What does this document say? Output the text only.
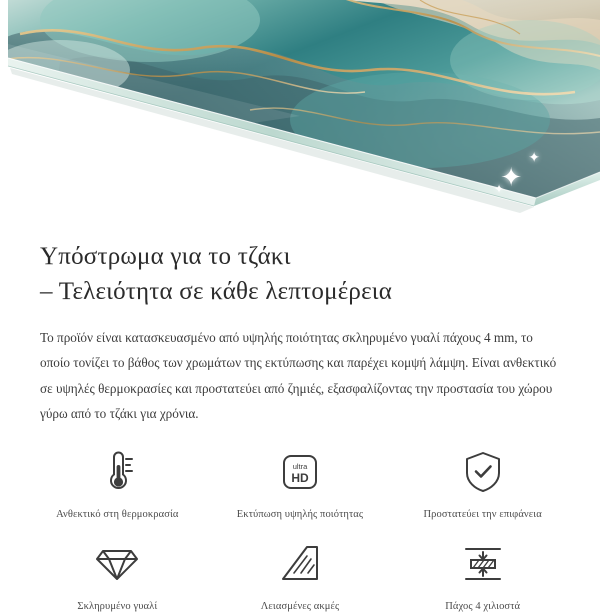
✦
✦
✦
Υπόστρωμα για το τζάκι
– Τελειότητα σε κάθε λεπτομέρεια

Το προϊόν είναι κατασκευασμένο από υψηλής ποιότητας σκληρυμένο γυαλί πάχους 4 mm, το οποίο τονίζει το βάθος των χρωμάτων της εκτύπωσης και παρέχει κομψή λάμψη. Είναι ανθεκτικό σε υψηλές θερμοκρασίες και προστατεύει από ζημιές, εξασφαλίζοντας την προστασία του χώρου γύρω από το τζάκι για χρόνια.

Ανθεκτικό στη θερμοκρασία
ultra
HD
Εκτύπωση υψηλής ποιότητας	Προστατεύει την επιφάνεια
Σκληρυμένο γυαλί	Λειασμένες ακμές	Πάχος 4 χιλιοστά
